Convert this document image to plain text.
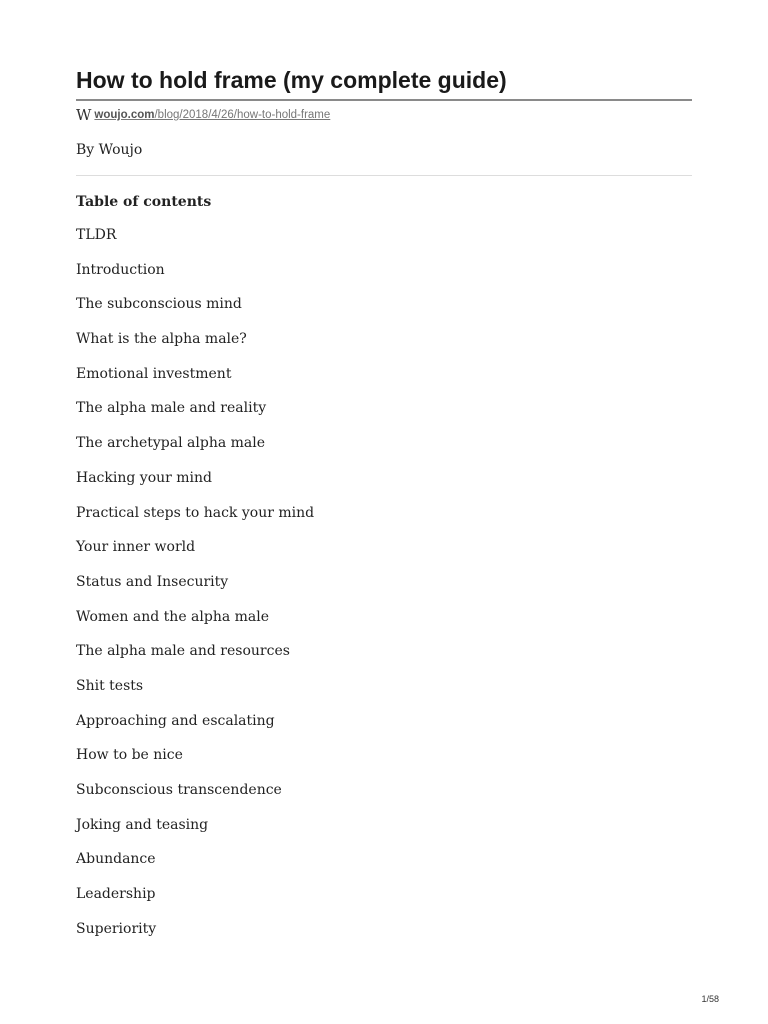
How to hold frame (my complete guide)
W woujo.com/blog/2018/4/26/how-to-hold-frame
By Woujo
Table of contents
TLDR
Introduction
The subconscious mind
What is the alpha male?
Emotional investment
The alpha male and reality
The archetypal alpha male
Hacking your mind
Practical steps to hack your mind
Your inner world
Status and Insecurity
Women and the alpha male
The alpha male and resources
Shit tests
Approaching and escalating
How to be nice
Subconscious transcendence
Joking and teasing
Abundance
Leadership
Superiority
1/58
